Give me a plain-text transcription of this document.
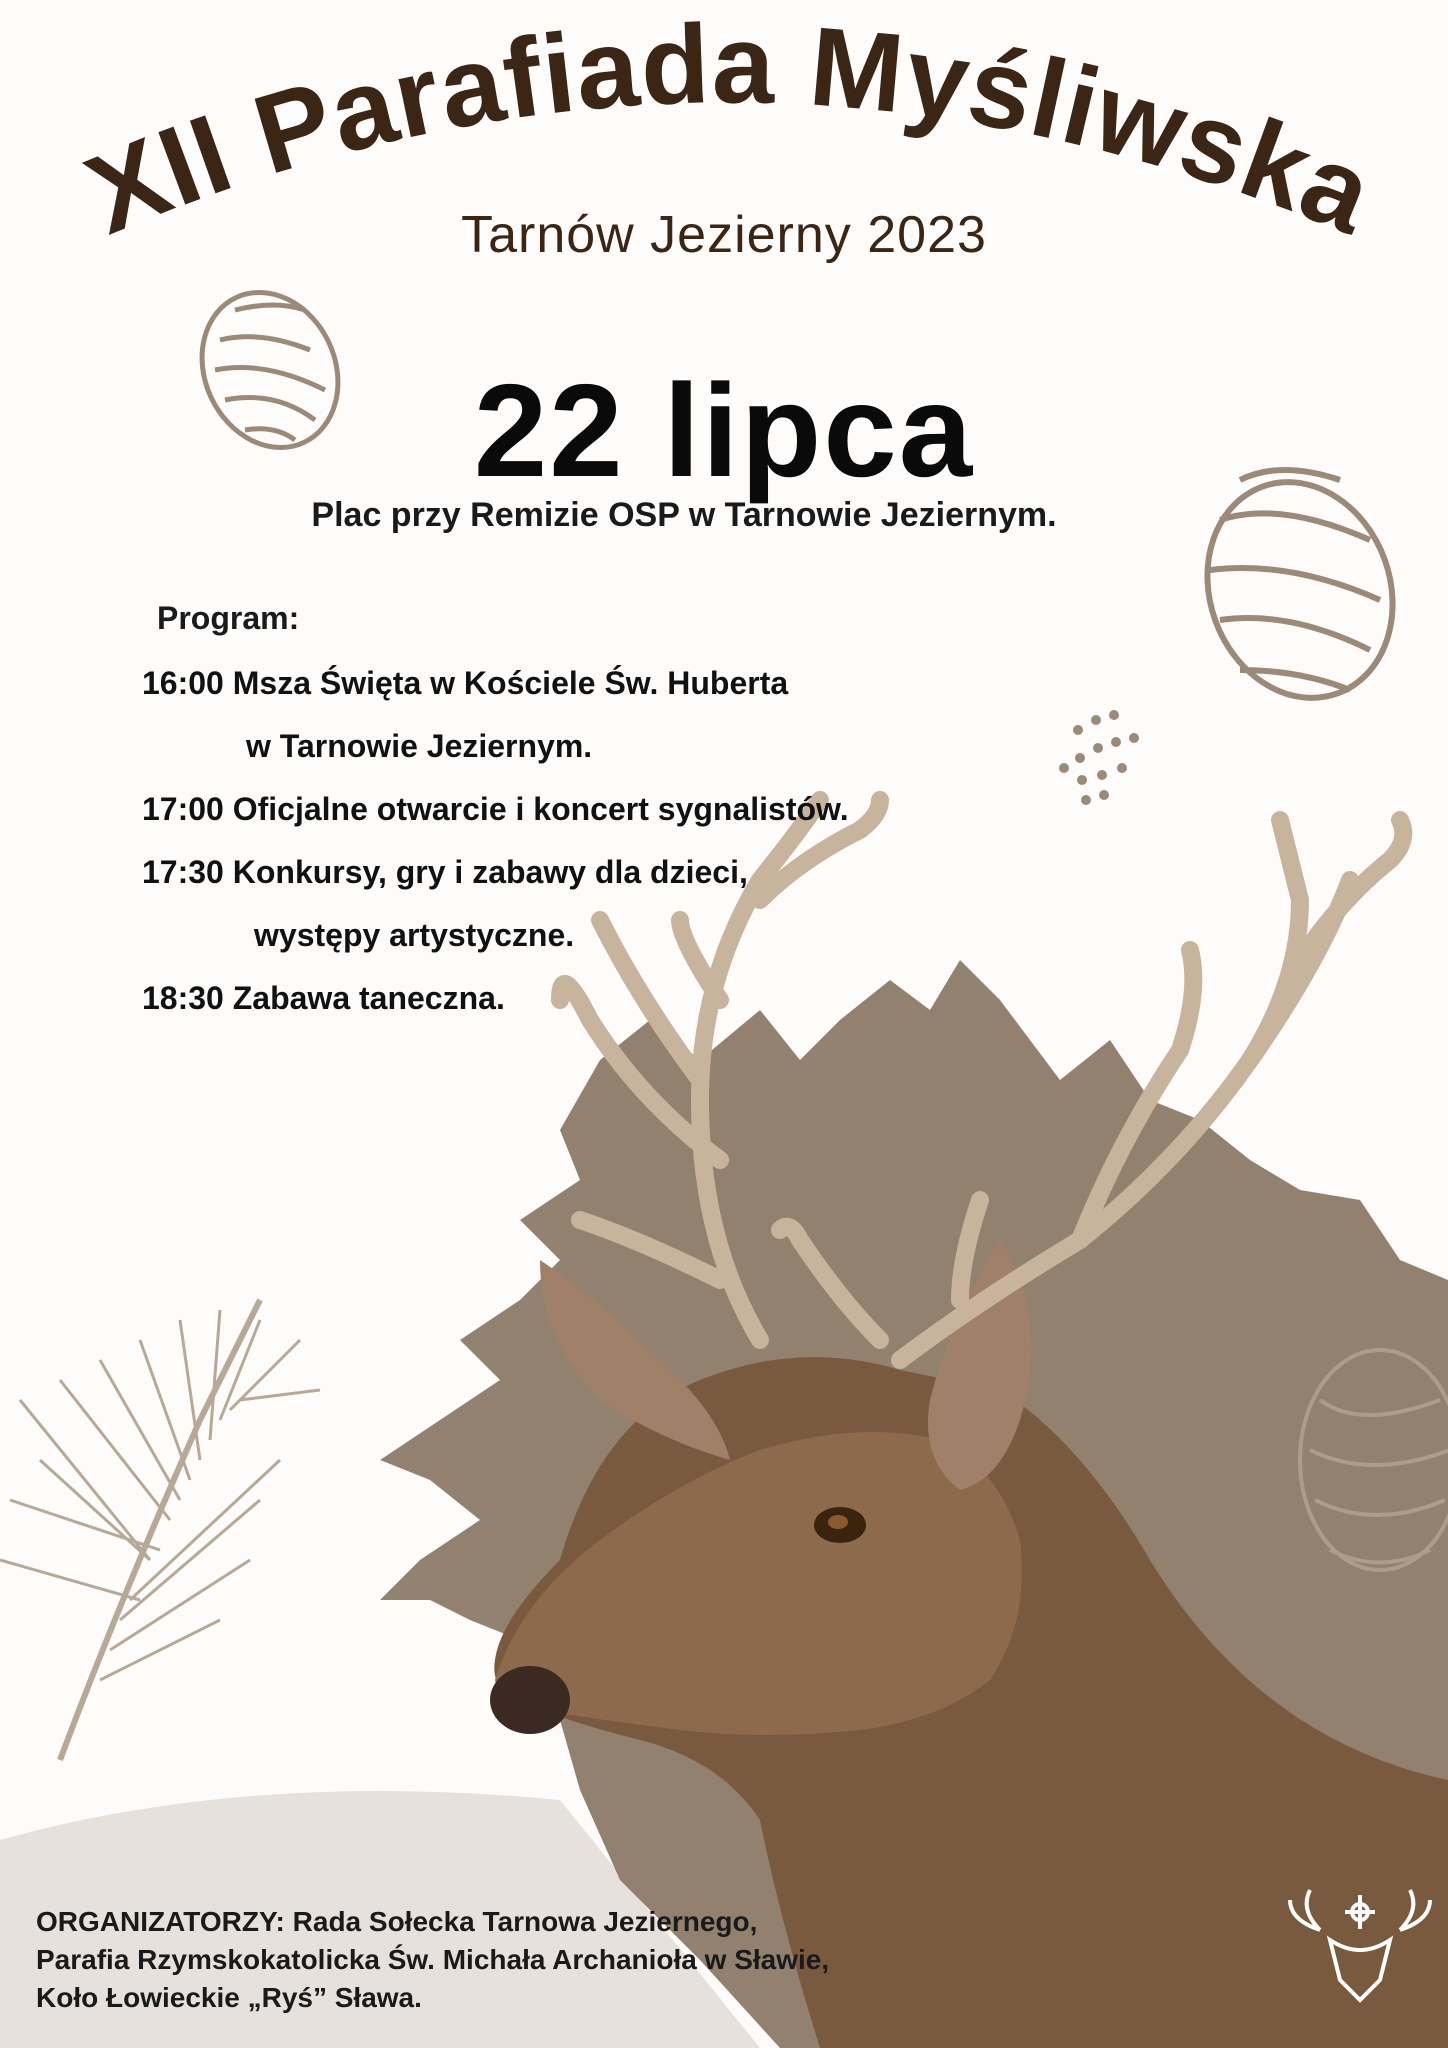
XII Parafiada Myśliwska
Tarnów Jezierny 2023
22 lipca
Plac przy Remizie OSP w Tarnowie Jeziernym.
Program:
16:00 Msza Święta w Kościele Św. Huberta
w Tarnowie Jeziernym.
17:00 Oficjalne otwarcie i koncert sygnalistów.
17:30 Konkursy, gry i zabawy dla dzieci,
występy artystyczne.
18:30 Zabawa taneczna.
ORGANIZATORZY: Rada Sołecka Tarnowa Jeziernego,
Parafia Rzymskokatolicka Św. Michała Archanioła w Sławie,
Koło Łowieckie „Ryś” Sława.
